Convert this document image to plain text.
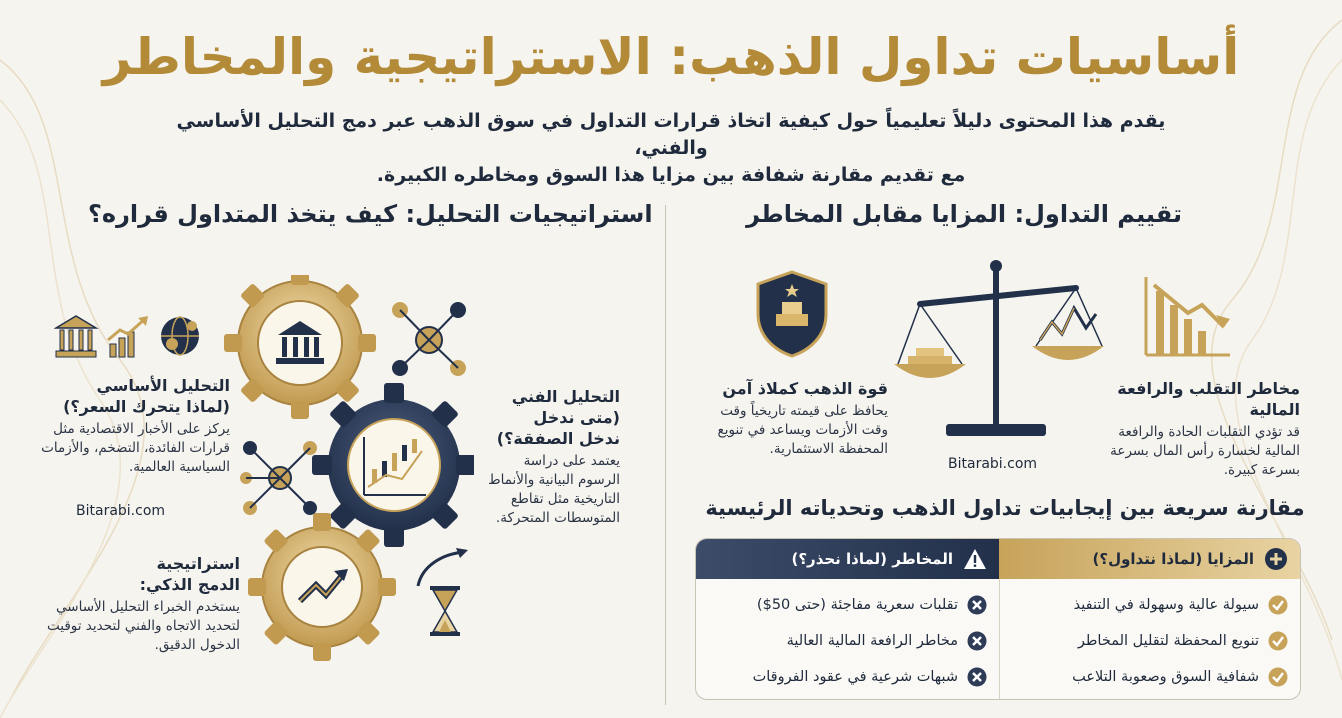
أساسيات تداول الذهب: الاستراتيجية والمخاطر
يقدم هذا المحتوى دليلاً تعليمياً حول كيفية اتخاذ قرارات التداول في سوق الذهب عبر دمج التحليل الأساسي والفني،
مع تقديم مقارنة شفافة بين مزايا هذا السوق ومخاطره الكبيرة.
تقييم التداول: المزايا مقابل المخاطر
قوة الذهب كملاذ آمن
يحافظ على قيمته تاريخياً وقت وقت الأزمات ويساعد في تنويع المحفظة الاستثمارية.
مخاطر التقلب والرافعة المالية
قد تؤدي التقلبات الحادة والرافعة المالية لخسارة رأس المال بسرعة بسرعة كبيرة.
Bitarabi.com
استراتيجيات التحليل: كيف يتخذ المتداول قراره؟
التحليل الأساسي
(لماذا يتحرك السعر؟)
يركز على الأخبار الاقتصادية مثل قرارات الفائدة، التضخم، والأزمات السياسية العالمية.
Bitarabi.com
التحليل الفني
(متى ندخل
ندخل الصفقة؟)
يعتمد على دراسة الرسوم البيانية والأنماط التاريخية مثل تقاطع المتوسطات المتحركة.
استراتيجية
الدمج الذكي:
يستخدم الخبراء التحليل الأساسي لتحديد الاتجاه والفني لتحديد توقيت الدخول الدقيق.
مقارنة سريعة بين إيجابيات تداول الذهب وتحدياته الرئيسية
المزايا (لماذا نتداول؟)
سيولة عالية وسهولة في التنفيذ
تنويع المحفظة لتقليل المخاطر
شفافية السوق وصعوبة التلاعب
المخاطر (لماذا نحذر؟)
تقلبات سعرية مفاجئة (حتى 50$)
مخاطر الرافعة المالية العالية
شبهات شرعية في عقود الفروقات
